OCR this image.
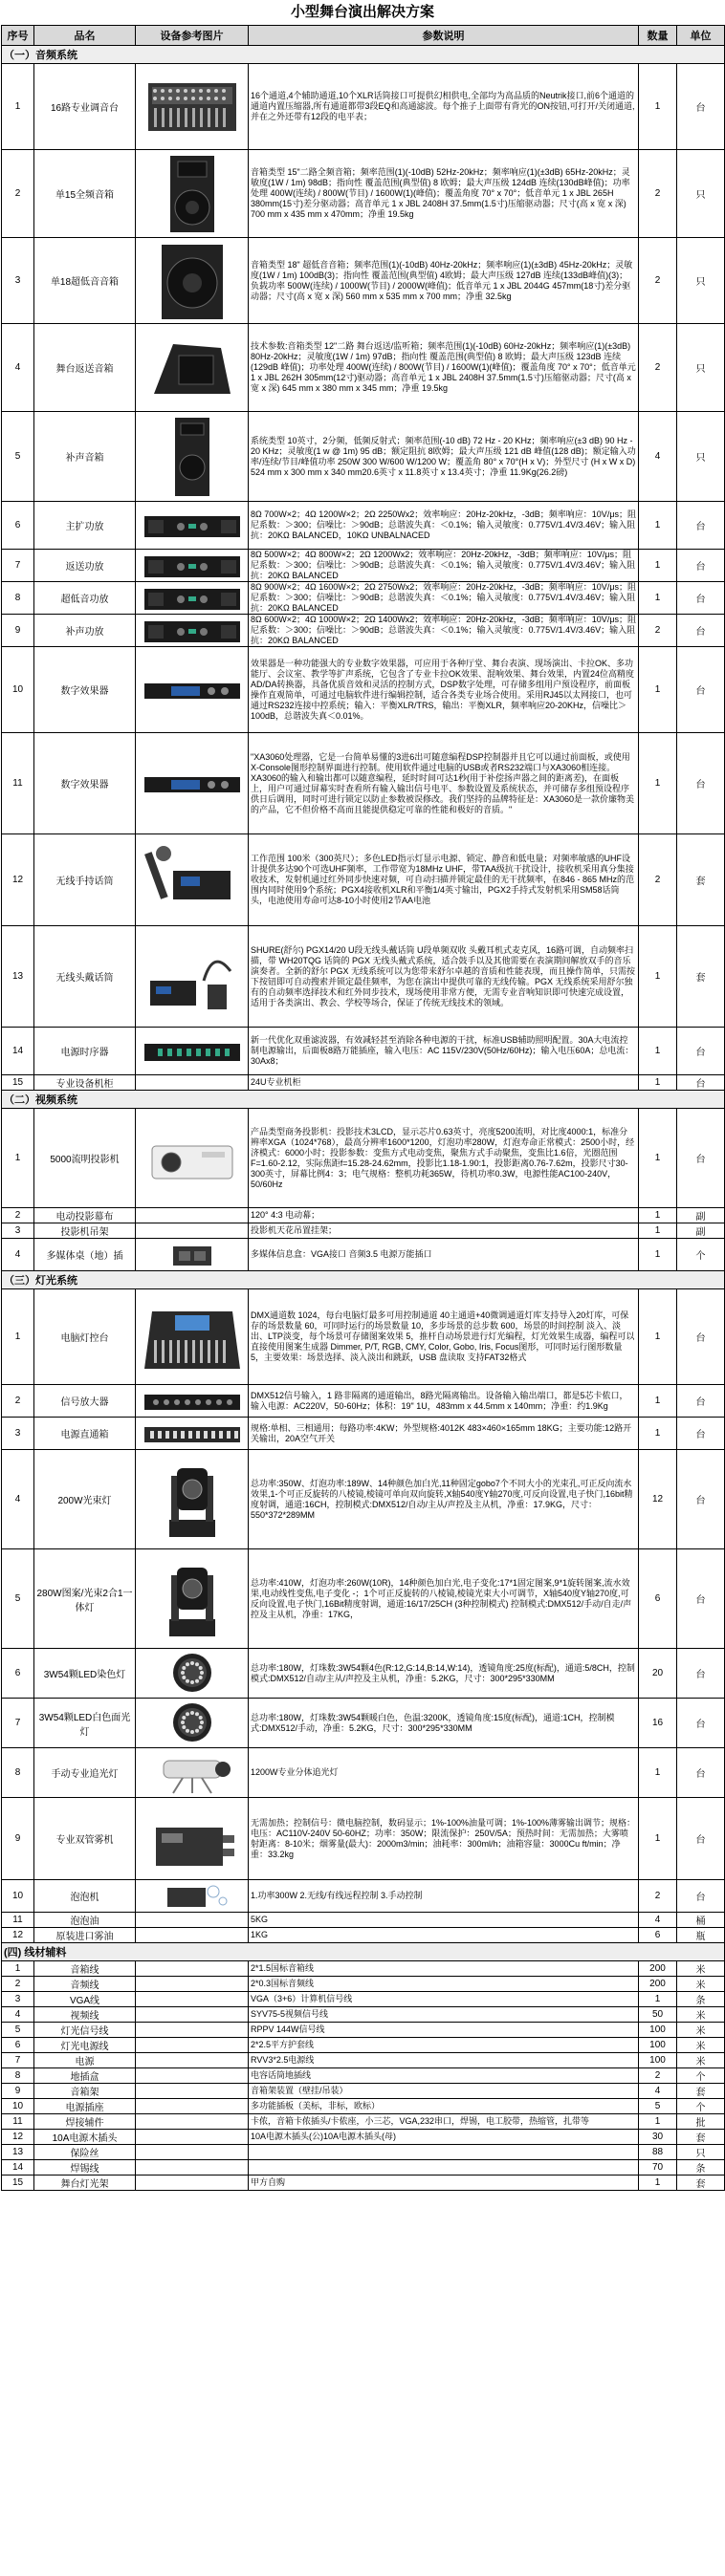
小型舞台演出解决方案
序号	品名	设备参考图片	参数说明	数量	单位
（一）音频系统					
1	16路专业调音台		16个通道,4个辅助通道,10个XLR话筒接口可提供幻相供电,全部均为高品质的Neutrik接口,前6个通道的通道内置压缩器,所有通道都带3段EQ和高通滤波。每个推子上面带有背光的ON按钮,可打开/关闭通道,并在之外还带有12段的电平表；	1	台
2	单15全频音箱		音箱类型 15"二路全频音箱；频率范围(1)(-10dB) 52Hz-20kHz；频率响应(1)(±3dB) 65Hz-20kHz；灵敏度(1W / 1m) 98dB；指向性 覆盖范围(典型值) 8 欧姆；最大声压级 124dB 连续(130dB峰值)；功率处理 400W(连续) / 800W(节目) / 1600W(1)(峰值)；覆盖角度 70° x 70°；低音单元 1 x JBL 265H 380mm(15寸)差分驱动器；高音单元 1 x JBL 2408H 37.5mm(1.5寸)压缩驱动器；尺寸(高 x 宽 x 深) 700 mm x 435 mm x 470mm；净重 19.5kg	2	只
3	单18超低音音箱		音箱类型 18" 超低音音箱；频率范围(1)(-10dB) 40Hz-20kHz；频率响应(1)(±3dB) 45Hz-20kHz；灵敏度(1W / 1m) 100dB(3)；指向性 覆盖范围(典型值) 4欧姆；最大声压级 127dB 连续(133dB峰值)(3)；负载功率 500W(连续) / 1000W(节目) / 2000W(峰值)；低音单元 1 x JBL 2044G 457mm(18寸)差分驱动器；尺寸(高 x 宽 x 深) 560 mm x 535 mm x 700 mm；净重 32.5kg	2	只
4	舞台返送音箱		技术参数:音箱类型 12"二路 舞台返送/监听箱；频率范围(1)(-10dB) 60Hz-20kHz；频率响应(1)(±3dB) 80Hz-20kHz；灵敏度(1W / 1m) 97dB；指向性 覆盖范围(典型值) 8 欧姆；最大声压级 123dB 连续(129dB 峰值)；功率处理 400W(连续) / 800W(节目) / 1600W(1)(峰值)；覆盖角度 70° x 70°；低音单元 1 x JBL 262H 305mm(12寸)驱动器；高音单元 1 x JBL 2408H 37.5mm(1.5寸)压缩驱动器；尺寸(高 x 宽 x 深) 645 mm x 380 mm x 345 mm；净重 19.5kg	2	只
5	补声音箱		系统类型 10英寸，2分频，低频反射式；频率范围(-10 dB) 72 Hz - 20 KHz；频率响应(±3 dB) 90 Hz - 20 KHz；灵敏度(1 w @ 1m) 95 dB；额定阻抗 8欧姆；最大声压级 121 dB 峰值(128 dB)；额定输入功率/连续/节目/峰值功率 250W 300 W/600 W/1200 W；覆盖角 80° x 70°(H x V)；外型尺寸 (H x W x D) 524 mm x 300 mm x 340 mm20.6英寸 x 11.8英寸 x 13.4英寸；净重 11.9Kg(26.2磅)	4	只
6	主扩功放		8Ω 700W×2；4Ω 1200W×2；2Ω 2250Wx2；效率响应：20Hz-20kHz，-3dB；频率响应：10V/μs；阻尼系数：＞300；信噪比：＞90dB；总谐波失真：＜0.1%；输入灵敏度：0.775V/1.4V/3.46V；输入阻抗：20KΩ BALANCED，10KΩ UNBALNACED	1	台
7	返送功放		8Ω 500W×2；4Ω 800W×2；2Ω 1200Wx2；效率响应：20Hz-20kHz，-3dB；频率响应：10V/μs；阻尼系数：＞300；信噪比：＞90dB；总谐波失真：＜0.1%；输入灵敏度：0.775V/1.4V/3.46V；输入阻抗：20KΩ BALANCED	1	台
8	超低音功放		8Ω 900W×2；4Ω 1600W×2；2Ω 2750Wx2；效率响应：20Hz-20kHz，-3dB；频率响应：10V/μs；阻尼系数：＞300；信噪比：＞90dB；总谐波失真：＜0.1%；输入灵敏度：0.775V/1.4V/3.46V；输入阻抗：20KΩ BALANCED	1	台
9	补声功放		8Ω 600W×2；4Ω 1000W×2；2Ω 1400Wx2；效率响应：20Hz-20kHz，-3dB；频率响应：10V/μs；阻尼系数：＞300；信噪比：＞90dB；总谐波失真：＜0.1%；输入灵敏度：0.775V/1.4V/3.46V；输入阻抗：20KΩ BALANCED	2	台
10	数字效果器		效果器是一种功能强大的专业数字效果器，可应用于各种厅堂、舞台表演、现场演出、卡拉OK、多功能厅、会议室、教学等扩声系统，它包含了专业卡拉OK效果、混响效果、舞台效果，内置24位高精度AD/DA转换器，具备优质音效和灵活的控制方式，DSP数字处理，可存储多组用户预设程序，前面板操作直观简单，可通过电脑软件进行编辑控制，适合各类专业场合使用。采用RJ45以太网接口，也可通过RS232连接中控系统；输入：平衡XLR/TRS，输出：平衡XLR，频率响应20-20KHz，信噪比＞100dB，总谐波失真＜0.01%。	1	台
11	数字效果器		"XA3060处理器，它是一台简单易懂的3进6出可随意编程DSP控制器并且它可以通过前面板，或使用X-Console图形控制界面进行控制。使用软件通过电脑的USB或者RS232端口与XA3060相连接。XA3060的输入和输出都可以随意编程，延时时间可达1秒(用于补偿扬声器之间的距离差)，在面板上，用户可通过屏幕实时查看所有输入输出信号电平、参数设置及系统状态，并可储存多组预设程序供日后调用，同时可进行锁定以防止参数被误修改。我们坚持的品牌特征是：XA3060是一款价廉物美的产品，它不但价格不高而且能提供稳定可靠的性能和极好的音质。"	1	台
12	无线手持话筒		工作范围 100米（300英尺）；多色LED指示灯显示电源、锁定、静音和低电量；对频率敏感的UHF设计提供多达90个可选UHF频率，工作带宽为18MHz UHF，带TAA级抗干扰设计，接收机采用真分集接收技术，发射机通过红外同步快速对频，可自动扫描并锁定最佳的无干扰频率，在846 - 865 MHz的范围内同时使用9个系统；PGX4接收机XLR和平衡1/4英寸输出，PGX2手持式发射机采用SM58话筒头，电池使用寿命可达8-10小时使用2节AA电池	2	套
13	无线头戴话筒		SHURE(舒尔) PGX14/20 U段无线头戴话筒 U段单频双收 头戴耳机式麦克风，16路可调，自动频率扫描，带 WH20TQG 话筒的 PGX 无线头戴式系统，适合鼓手以及其他需要在表演期间解放双手的音乐演奏者。全新的舒尔 PGX 无线系统可以为您带来舒尔卓越的音质和性能表现，而且操作简单，只需按下按钮即可自动搜索并锁定最佳频率，为您在演出中提供可靠的无线传输。PGX 无线系统采用舒尔独有的自动频率选择技术和红外同步技术，现场使用非常方便，无需专业音响知识即可快速完成设置，适用于各类演出、教会、学校等场合，保证了传统无线技术的领域。	1	套
14	电源时序器		新一代优化双重滤波器，有效减轻甚至消除各种电源的干扰，标准USB辅助照明配置。30A大电流控制电源输出，后面板8路万能插座，输入电压：AC 115V/230V(50Hz/60Hz)；输入电压60A；总电流：30Ax8；	1	台
15	专业设备机柜		24U专业机柜	1	台
（二）视频系统					
1	5000流明投影机		产品类型商务投影机：投影技术3LCD，显示芯片0.63英寸，亮度5200流明，对比度4000:1，标准分辨率XGA（1024*768），最高分辨率1600*1200，灯泡功率280W，灯泡寿命正常模式：2500小时，经济模式：6000小时；投影参数：变焦方式电动变焦，聚焦方式手动聚焦，变焦比1.6倍，光圈范围F=1.60-2.12，实际焦距f=15.28-24.62mm，投影比1.18-1.90:1，投影距离0.76-7.62m，投影尺寸30-300英寸，屏幕比例4：3；电气规格：整机功耗365W，待机功率0.3W，电源性能AC100-240V，50/60Hz	1	台
2	电动投影幕布		120° 4:3 电动幕；	1	副
3	投影机吊架		投影机天花吊置挂架；	1	副
4	多媒体桌（地）插		多媒体信息盒：VGA接口 音频3.5 电源万能插口	1	个
（三）灯光系统					
1	电脑灯控台		DMX通道数 1024，每台电脑灯最多可用控制通道 40主通道+40微调通道灯库支持导入20灯库，可保存的场景数量 60，可同时运行的场景数量 10，多步场景的总步数 600，场景的时间控制 淡入、淡出、LTP淡变，每个场景可存储图案效果 5，推杆自动场景进行灯光编程，灯光效果生成器，编程可以直接使用图案生成器 Dimmer, P/T, RGB, CMY, Color, Gobo, Iris, Focus图形，可同时运行图形数量 5，主要效果：场景选择、淡入淡出和跳跃，USB 盘读取 支持FAT32格式	1	台
2	信号放大器		DMX512信号输入，1 路非隔离的通道输出，8路光隔离输出。设备输入输出端口，都是5芯卡侬口，输入电源：AC220V，50-60Hz；体积：19" 1U，483mm x 44.5mm x 140mm；净重：约1.9Kg	1	台
3	电源直通箱		规格:单相、三相通用；每路功率:4KW；外型规格:4012K 483×460×165mm 18KG；主要功能:12路开关输出，20A空气开关	1	台
4	200W光束灯		总功率:350W、灯泡功率:189W、14种颜色加白光,11种固定gobo7个不同大小的光束孔,可正反向流水效果,1-个可正反旋转的八棱镜,棱镜可单向双向旋转,X轴540度Y轴270度,可反向设置,电子快门,16bit精度射调，通道:16CH，控制模式:DMX512/自动/主从/声控及主从机，净重：17.9KG，尺寸：550*372*289MM	12	台
5	280W图案/光束2合1一体灯		总功率:410W，灯泡功率:260W(10R)，14种颜色加白光,电子变化:17*1固定图案,9*1旋转图案,流水效果,电动线性变焦,电子变化 -；1个可正反旋转的八棱镜,棱镜光束大小可调节，X轴540度Y轴270度,可反向设置,电子快门,16Bit精度射调，通道:16/17/25CH (3种控制模式) 控制模式:DMX512/手动/自走/声控及主从机，净重：17KG，	6	台
6	3W54颗LED染色灯		总功率:180W，灯珠数:3W54颗4色(R:12,G:14,B:14,W:14)，透镜角度:25度(标配)，通道:5/8CH，控制模式:DMX512/自动/主从/声控及主从机，净重：5.2KG，尺寸：300*295*330MM	20	台
7	3W54颗LED白色面光灯		总功率:180W，灯珠数:3W54颗暖白色，色温:3200K，透镜角度:15度(标配)，通道:1CH，控制模式:DMX512/手动，净重：5.2KG，尺寸：300*295*330MM	16	台
8	手动专业追光灯		1200W专业分体追光灯	1	台
9	专业双管雾机		无需加热；控制信号：微电脑控制，数码显示；1%-100%油量可调；1%-100%薄雾输出调节；规格：电压：AC110V-240V 50-60HZ；功率：350W；限流保护：250V/5A；预热时间：无需加热；大雾喷射距离：8-10米；烟雾量(最大)：2000m3/min；油耗率：300ml/h；油箱容量：3000Cu ft/min；净重：33.2kg	1	台
10	泡泡机		1.功率300W 2.无线/有线远程控制 3.手动控制	2	台
11	泡泡油		5KG	4	桶
12	原装进口雾油		1KG	6	瓶
(四) 线材辅料					
1	音箱线		2*1.5国标音箱线	200	米
2	音频线		2*0.3国标音频线	200	米
3	VGA线		VGA（3+6）计算机信号线	1	条
4	视频线		SYV75-5视频信号线	50	米
5	灯光信号线		RPPV 144W信号线	100	米
6	灯光电源线		2*2.5平方护套线	100	米
7	电源		RVV3*2.5电源线	100	米
8	地插盒		电容话筒地插线	2	个
9	音箱架		音箱架装置（壁挂/吊装）	4	套
10	电源插座		多功能插板（美标，非标，欧标）	5	个
11	焊接辅件		卡侬，音箱卡侬插头/卡侬座，小三芯，VGA,232串口，焊锡，电工胶带，热缩管，扎带等	1	批
12	10A电源木插头		10A电源木插头(公)10A电源木插头(母)	30	套
13	保险丝			88	只
14	焊锡线			70	条
15	舞台灯光架		甲方自购	1	套
